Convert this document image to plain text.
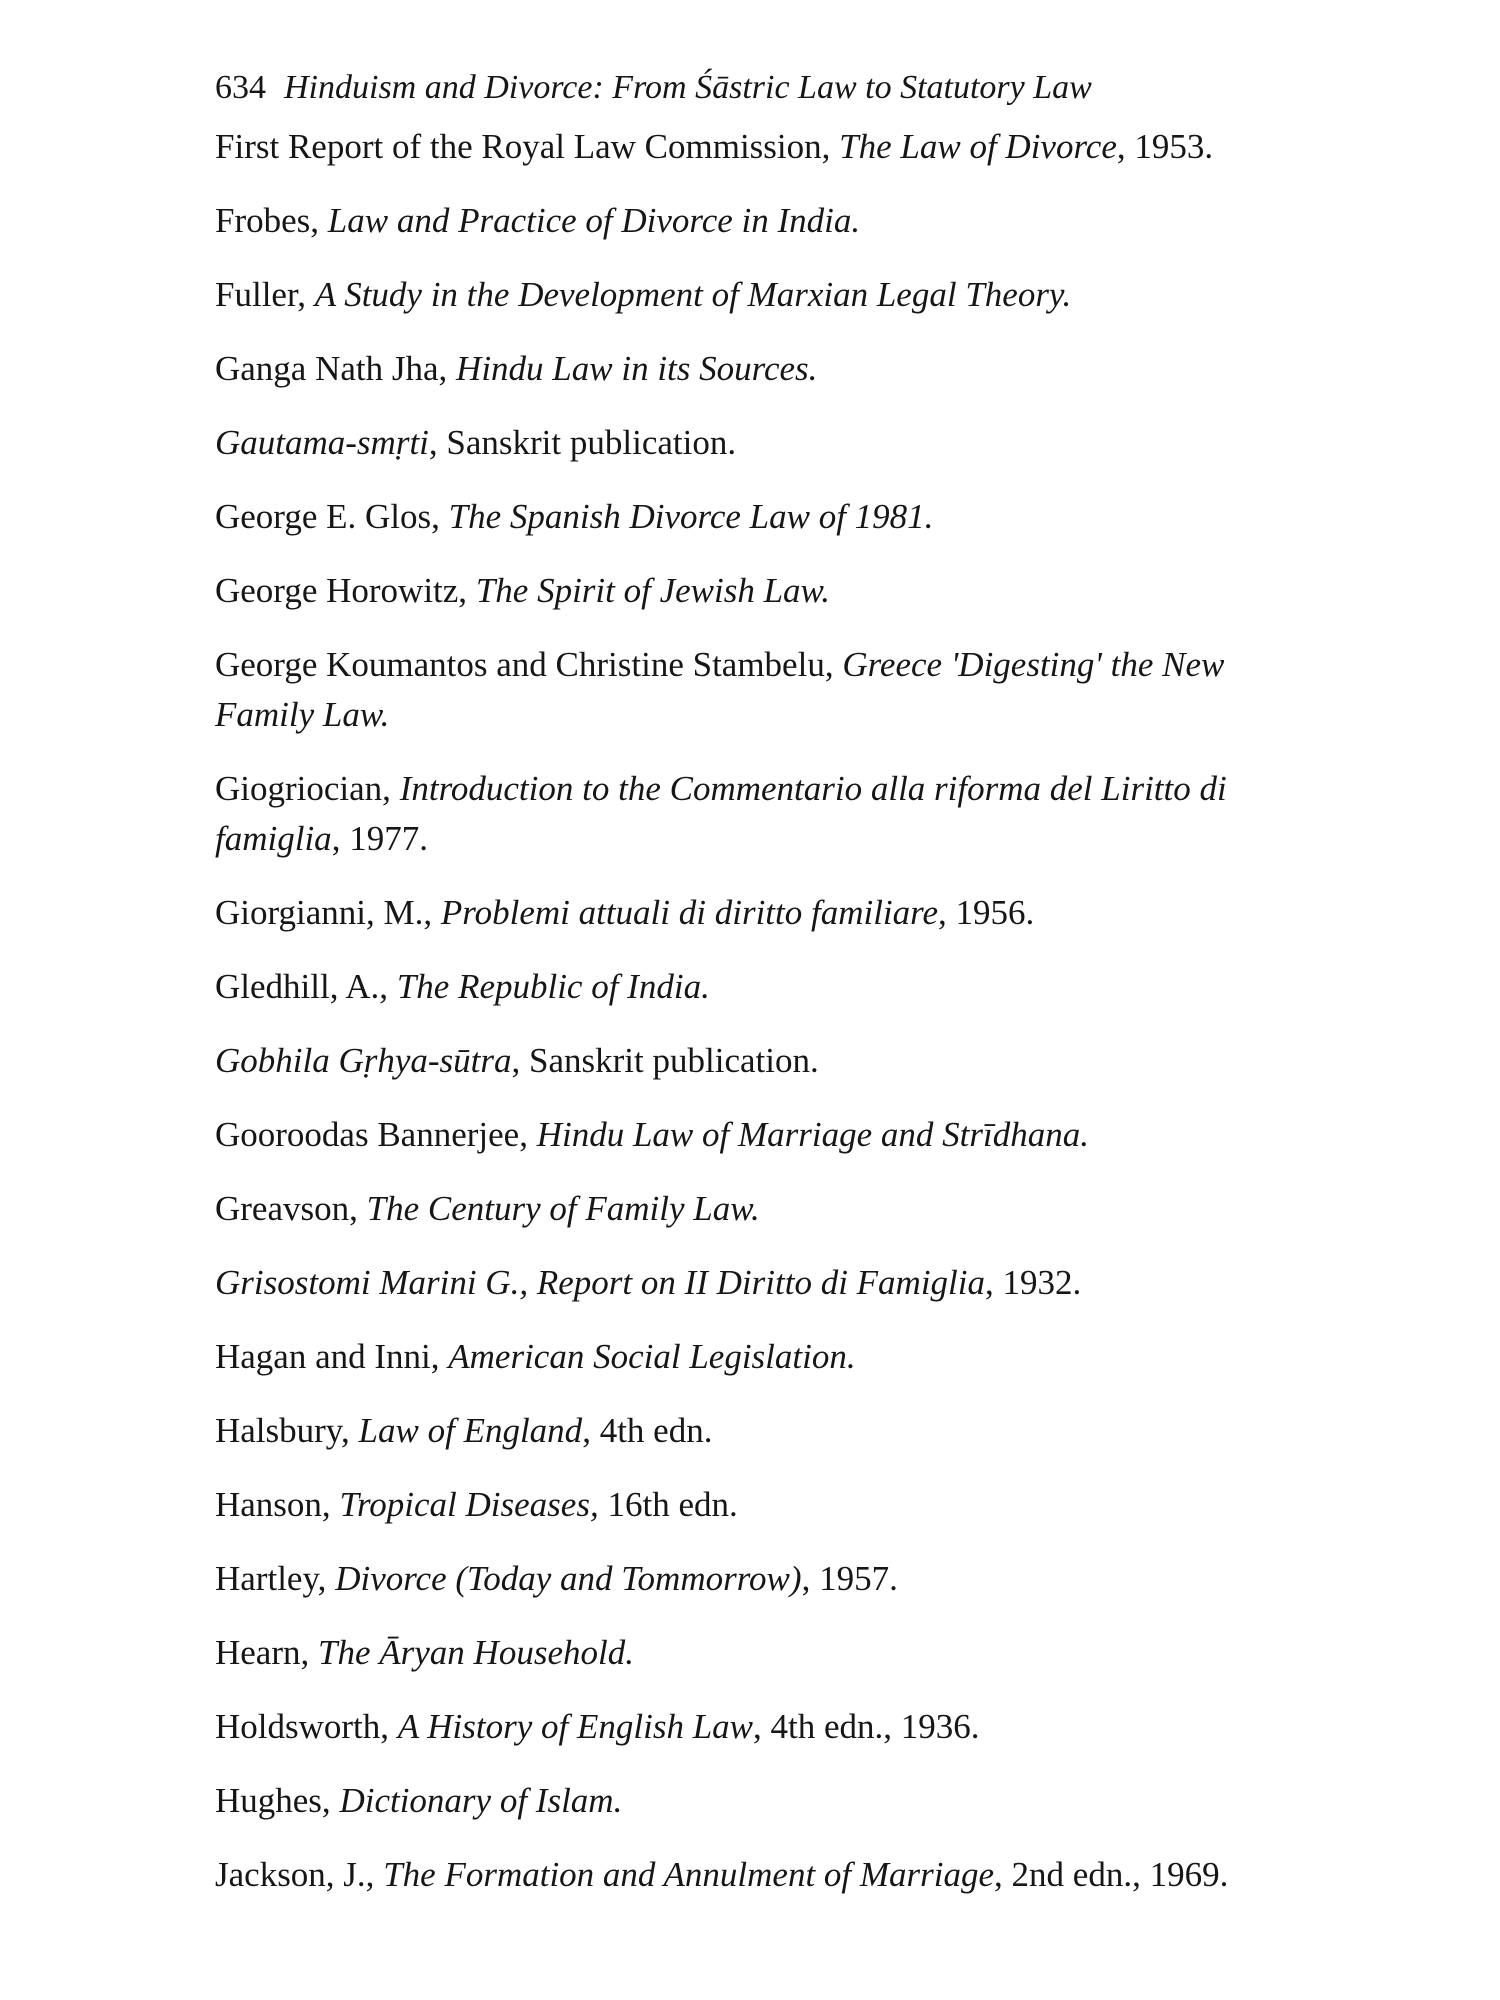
634 Hinduism and Divorce: From Śāstric Law to Statutory Law

First Report of the Royal Law Commission, The Law of Divorce, 1953.

Frobes, Law and Practice of Divorce in India.

Fuller, A Study in the Development of Marxian Legal Theory.

Ganga Nath Jha, Hindu Law in its Sources.

Gautama-smṛti, Sanskrit publication.

George E. Glos, The Spanish Divorce Law of 1981.

George Horowitz, The Spirit of Jewish Law.

George Koumantos and Christine Stambelu, Greece 'Digesting' the New Family Law.

Giogriocian, Introduction to the Commentario alla riforma del Liritto di famiglia, 1977.

Giorgianni, M., Problemi attuali di diritto familiare, 1956.

Gledhill, A., The Republic of India.

Gobhila Gṛhya-sūtra, Sanskrit publication.

Gooroodas Bannerjee, Hindu Law of Marriage and Strīdhana.

Greavson, The Century of Family Law.

Grisostomi Marini G., Report on II Diritto di Famiglia, 1932.

Hagan and Inni, American Social Legislation.

Halsbury, Law of England, 4th edn.

Hanson, Tropical Diseases, 16th edn.

Hartley, Divorce (Today and Tommorrow), 1957.

Hearn, The Āryan Household.

Holdsworth, A History of English Law, 4th edn., 1936.

Hughes, Dictionary of Islam.

Jackson, J., The Formation and Annulment of Marriage, 2nd edn., 1969.
